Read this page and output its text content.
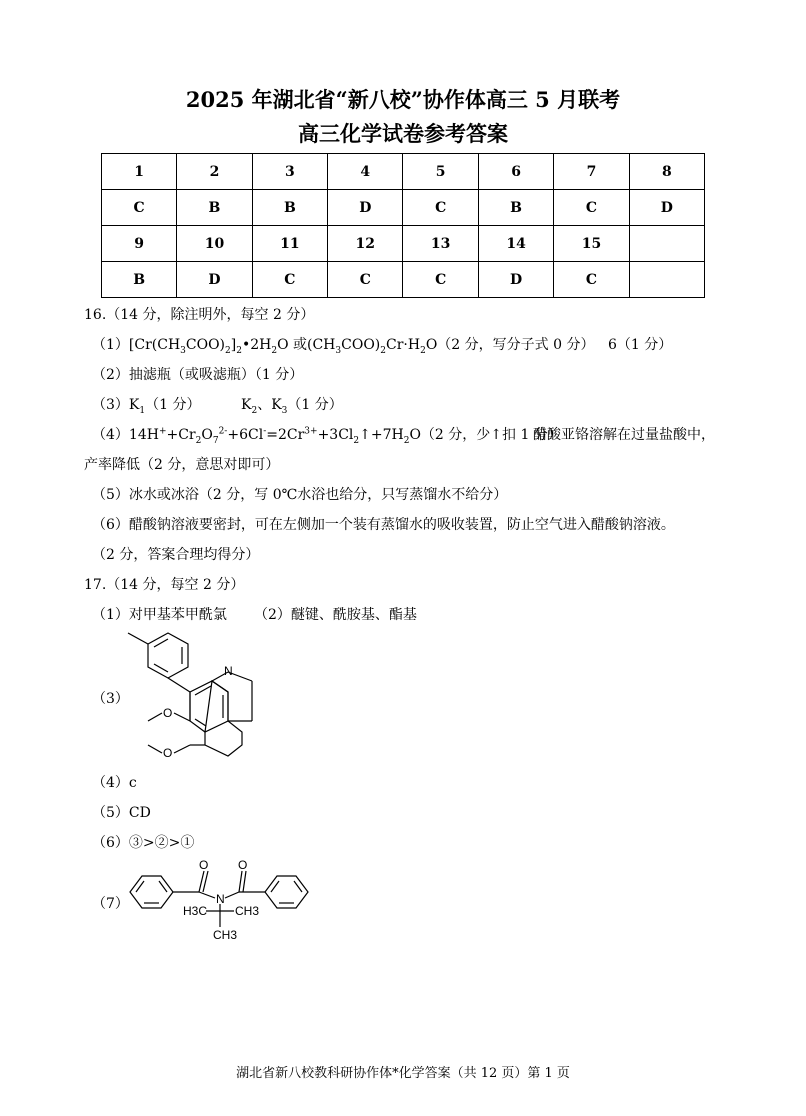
2025 年湖北省“新八校”协作体高三 5 月联考
高三化学试卷参考答案
1	2	3	4	5	6	7	8
C	B	B	D	C	B	C	D
9	10	11	12	13	14	15	
B	D	C	C	C	D	C	
16.（14 分，除注明外，每空 2 分）
$(1)[Cr(CH_3COO)_2]_2•2H_2O$ 或$(CH_3COO)_2Cr\cdot H_2O(2$ 分，写分子式 0 分） 6（1 分）
（2）抽滤瓶（或吸滤瓶）（1 分）
$(3)K_1(1$ 分）	$K_2$、$K_3(1$ 分）
$(4)14H^++Cr_2O_7^{2-}+6Cl^-=2Cr^{3+}+3Cl_2↑+7H_2O(2$ 分，少↑扣 1 分）
醋酸亚铬溶解在过量盐酸中，
产率降低（2 分，意思对即可）
（5）冰水或冰浴（2 分，写 0℃水浴也给分，只写蒸馏水不给分）
（6）醋酸钠溶液要密封，可在左侧加一个装有蒸馏水的吸收装置，防止空气进入醋酸钠溶液。
（2 分，答案合理均得分）
17.（14 分，每空 2 分）
（1）对甲基苯甲酰氯 （2）醚键、酰胺基、酯基
（3）
N
O
O
（4）c
（5）CD
（6）③>②>①
（7）
O O
N
H3C CH3
CH3
湖北省新八校教科研协作体*化学答案（共 12 页）第 1 页
